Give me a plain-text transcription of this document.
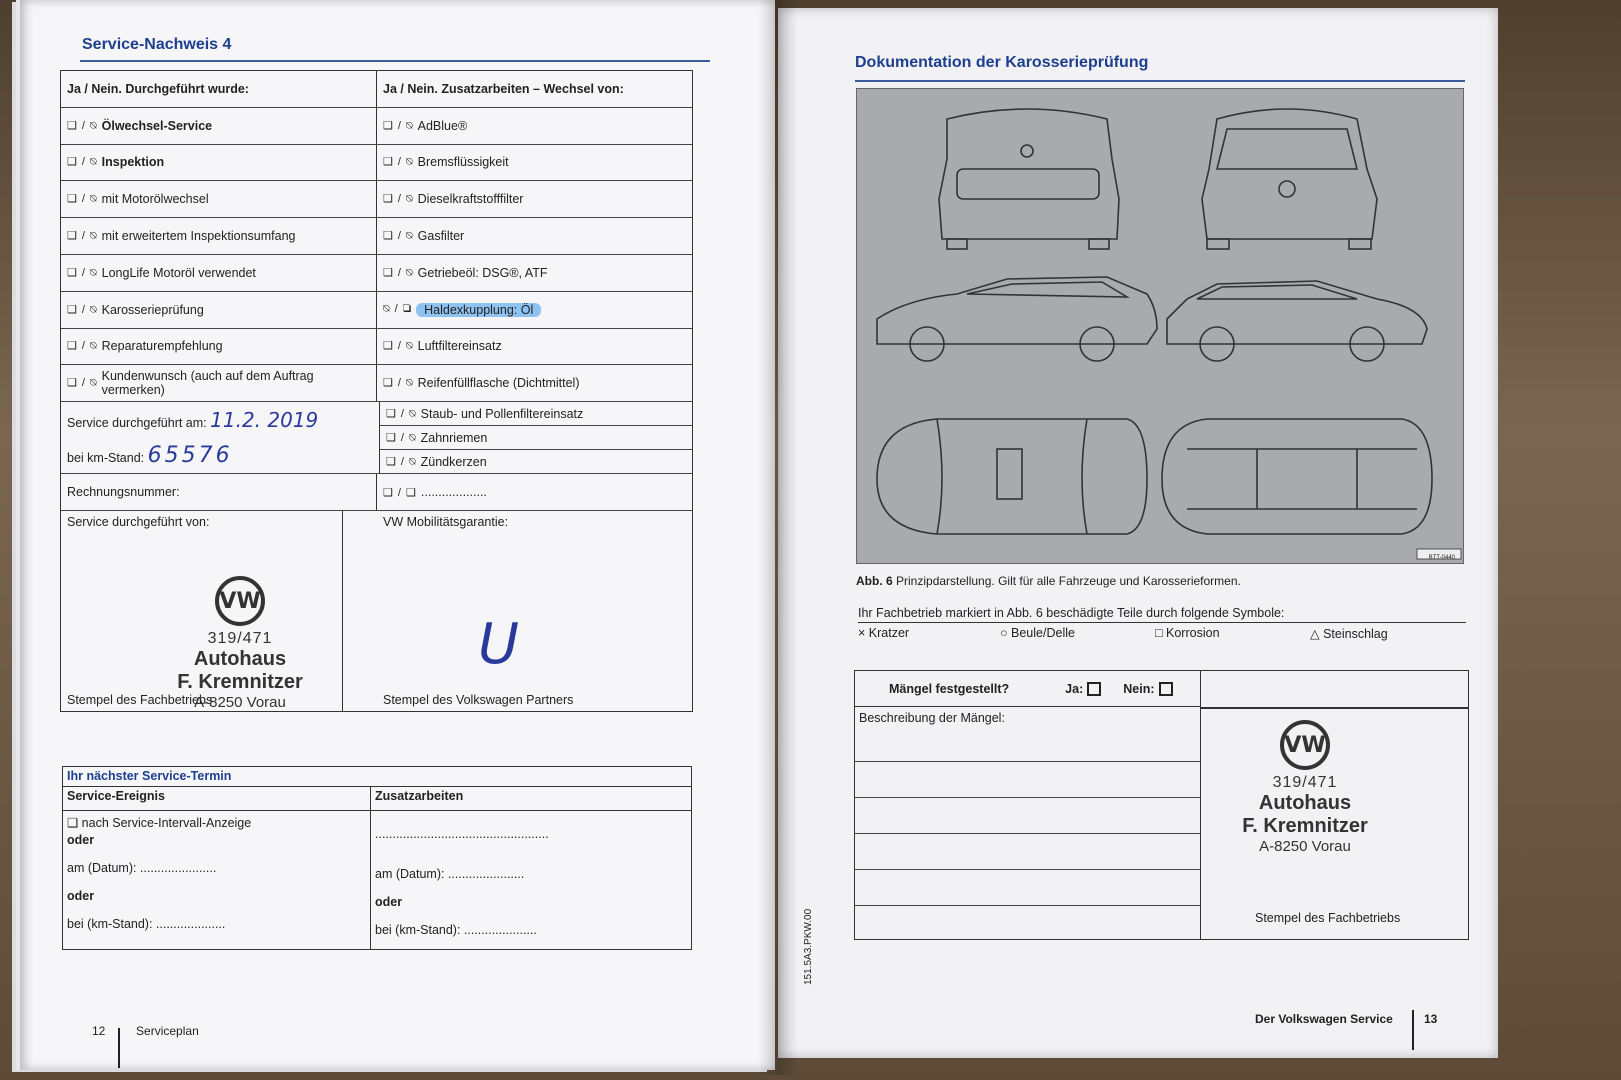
Service-Nachweis 4
Ja / Nein. Durchgeführt wurde:	Ja / Nein. Zusatzarbeiten – Wechsel von:
❑ / ⍉ Ölwechsel-Service	❑ / ⍉ AdBlue®
❑ / ⍉ Inspektion	❑ / ⍉ Bremsflüssigkeit
❑ / ⍉ mit Motorölwechsel	❑ / ⍉ Dieselkraftstofffilter
❑ / ⍉ mit erweitertem Inspektionsumfang	❑ / ⍉ Gasfilter
❑ / ⍉ LongLife Motoröl verwendet	❑ / ⍉ Getriebeöl: DSG®, ATF
❑ / ⍉ Karosserieprüfung	⍉ / ❑ Haldexkupplung: Öl
❑ / ⍉ Reparaturempfehlung	❑ / ⍉ Luftfiltereinsatz
❑ / ⍉ Kundenwunsch (auch auf dem Auftrag vermerken)	❑ / ⍉ Reifenfüllflasche (Dichtmittel)
Service durchgeführt am: 11.2. 2019
bei km-Stand: 65576
❑ / ⍉ Staub- und Pollenfiltereinsatz
❑ / ⍉ Zahnriemen
❑ / ⍉ Zündkerzen
Rechnungsnummer:	❑ / ❑ ...................
Service durchgeführt von:
Stempel des Fachbetriebs
VW Mobilitätsgarantie:
Stempel des Volkswagen Partners
VW
319/471
Autohaus
F. Kremnitzer
A-8250 Vorau
U
Ihr nächster Service-Termin
Service-Ereignis
❑ nach Service-Intervall-Anzeige
oder
am (Datum): ......................
oder
bei (km-Stand): ....................
Zusatzarbeiten
..................................................
am (Datum): ......................
oder
bei (km-Stand): .....................
12	Serviceplan
Dokumentation der Karosserieprüfung
BTT-0440
Abb. 6 Prinzipdarstellung. Gilt für alle Fahrzeuge und Karosserieformen.
Ihr Fachbetrieb markiert in Abb. 6 beschädigte Teile durch folgende Symbole:
× Kratzer	○ Beule/Delle	□ Korrosion	△ Steinschlag
Mängel festgestellt?	Ja:	Nein:
Beschreibung der Mängel:
Stempel des Fachbetriebs
VW
319/471
Autohaus
F. Kremnitzer
A-8250 Vorau
151.5A3.PKW.00
Der Volkswagen Service	13
